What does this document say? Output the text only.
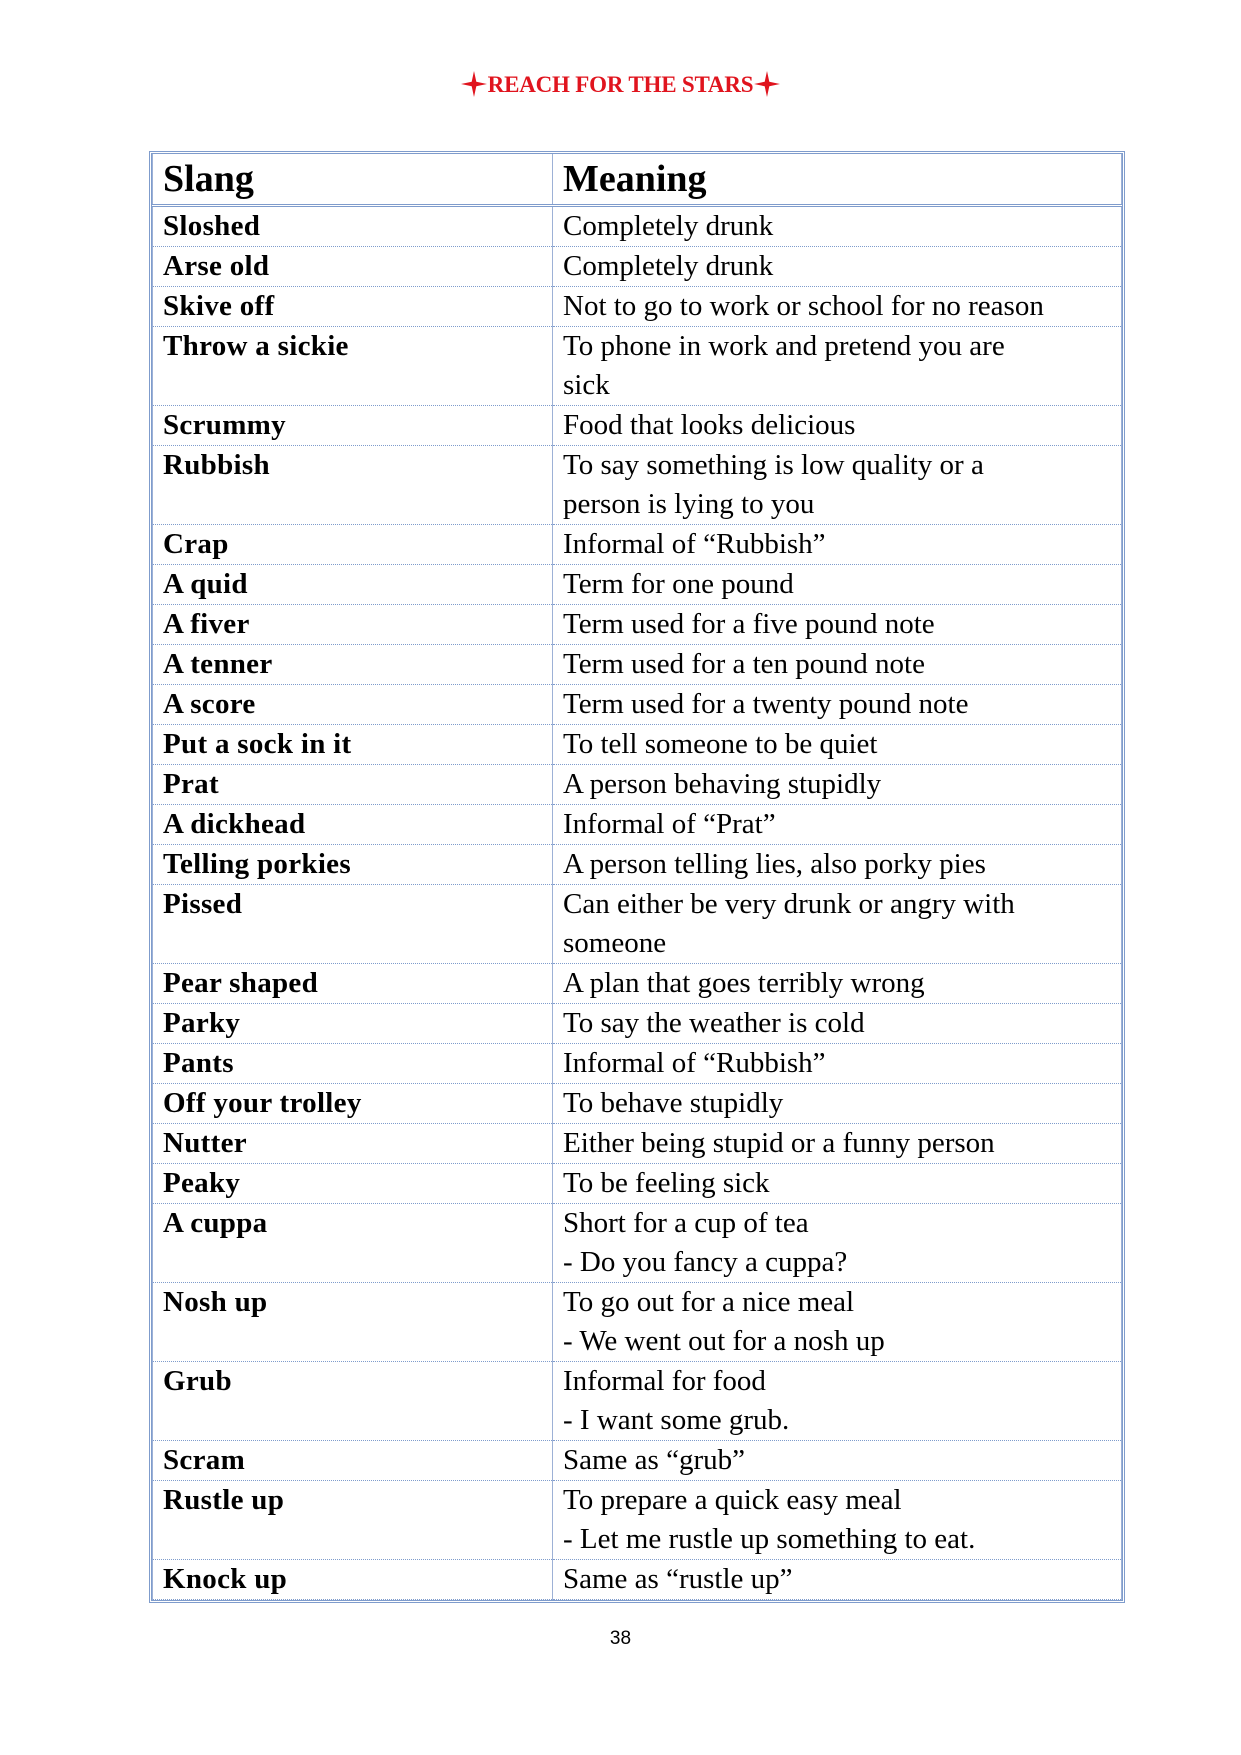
REACH FOR THE STARS
Slang	Meaning
Sloshed	Completely drunk

Arse old	Completely drunk

Skive off	Not to go to work or school for no reason

Throw a sickie	To phone in work and pretend you are
sick

Scrummy	Food that looks delicious

Rubbish	To say something is low quality or a
person is lying to you

Crap	Informal of “Rubbish”

A quid	Term for one pound

A fiver	Term used for a five pound note

A tenner	Term used for a ten pound note

A score	Term used for a twenty pound note

Put a sock in it	To tell someone to be quiet

Prat	A person behaving stupidly

A dickhead	Informal of “Prat”

Telling porkies	A person telling lies, also porky pies

Pissed	Can either be very drunk or angry with
someone

Pear shaped	A plan that goes terribly wrong

Parky	To say the weather is cold

Pants	Informal of “Rubbish”

Off your trolley	To behave stupidly

Nutter	Either being stupid or a funny person

Peaky	To be feeling sick

A cuppa	Short for a cup of tea
- Do you fancy a cuppa?

Nosh up	To go out for a nice meal
- We went out for a nosh up

Grub	Informal for food
- I want some grub.

Scram	Same as “grub”

Rustle up	To prepare a quick easy meal
- Let me rustle up something to eat.

Knock up	Same as “rustle up”
38
